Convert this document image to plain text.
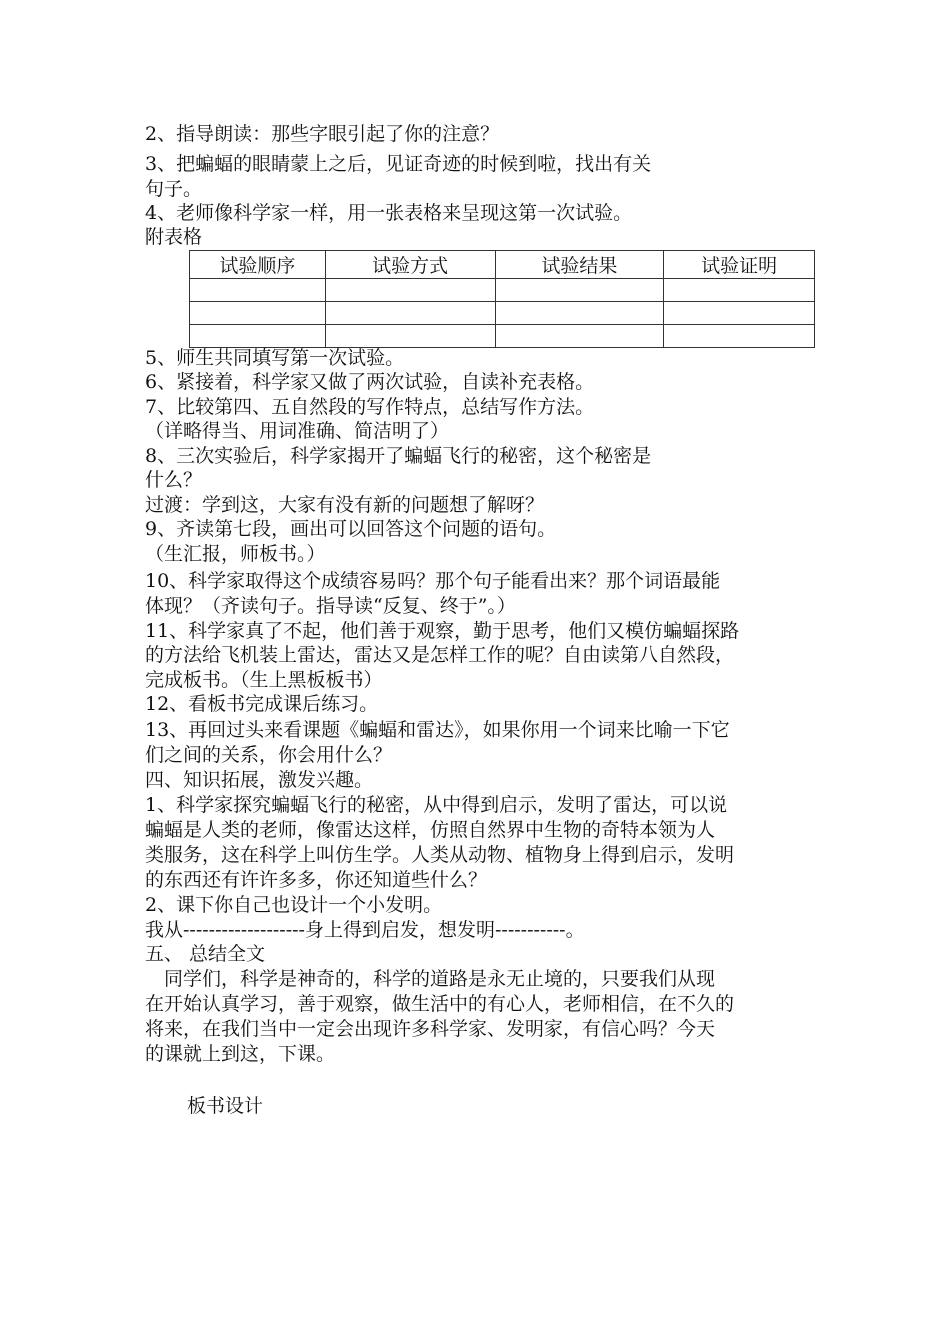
2、指导朗读：那些字眼引起了你的注意？
3、把蝙蝠的眼睛蒙上之后，见证奇迹的时候到啦，找出有关
句子。
4、老师像科学家一样，用一张表格来呈现这第一次试验。
附表格
试验顺序	试验方式	试验结果	试验证明

5、师生共同填写第一次试验。
6、紧接着，科学家又做了两次试验，自读补充表格。
7、比较第四、五自然段的写作特点，总结写作方法。
（详略得当、用词准确、简洁明了）
8、三次实验后，科学家揭开了蝙蝠飞行的秘密，这个秘密是
什么？
过渡：学到这，大家有没有新的问题想了解呀？
9、齐读第七段，画出可以回答这个问题的语句。
（生汇报，师板书。）
10、科学家取得这个成绩容易吗？那个句子能看出来？那个词语最能
体现？（齐读句子。指导读“反复、终于”。）
11、科学家真了不起，他们善于观察，勤于思考，他们又模仿蝙蝠探路
的方法给飞机装上雷达，雷达又是怎样工作的呢？自由读第八自然段，
完成板书。（生上黑板板书）
12、看板书完成课后练习。
13、再回过头来看课题《蝙蝠和雷达》，如果你用一个词来比喻一下它
们之间的关系，你会用什么？
四、知识拓展，激发兴趣。
1、科学家探究蝙蝠飞行的秘密，从中得到启示，发明了雷达，可以说
蝙蝠是人类的老师，像雷达这样，仿照自然界中生物的奇特本领为人
类服务，这在科学上叫仿生学。人类从动物、植物身上得到启示，发明
的东西还有许许多多，你还知道些什么？
2、课下你自己也设计一个小发明。
我从-------------------身上得到启发，想发明-----------。
五、 总结全文
同学们，科学是神奇的，科学的道路是永无止境的，只要我们从现
在开始认真学习，善于观察，做生活中的有心人，老师相信，在不久的
将来，在我们当中一定会出现许多科学家、发明家，有信心吗？今天
的课就上到这，下课。
板书设计
